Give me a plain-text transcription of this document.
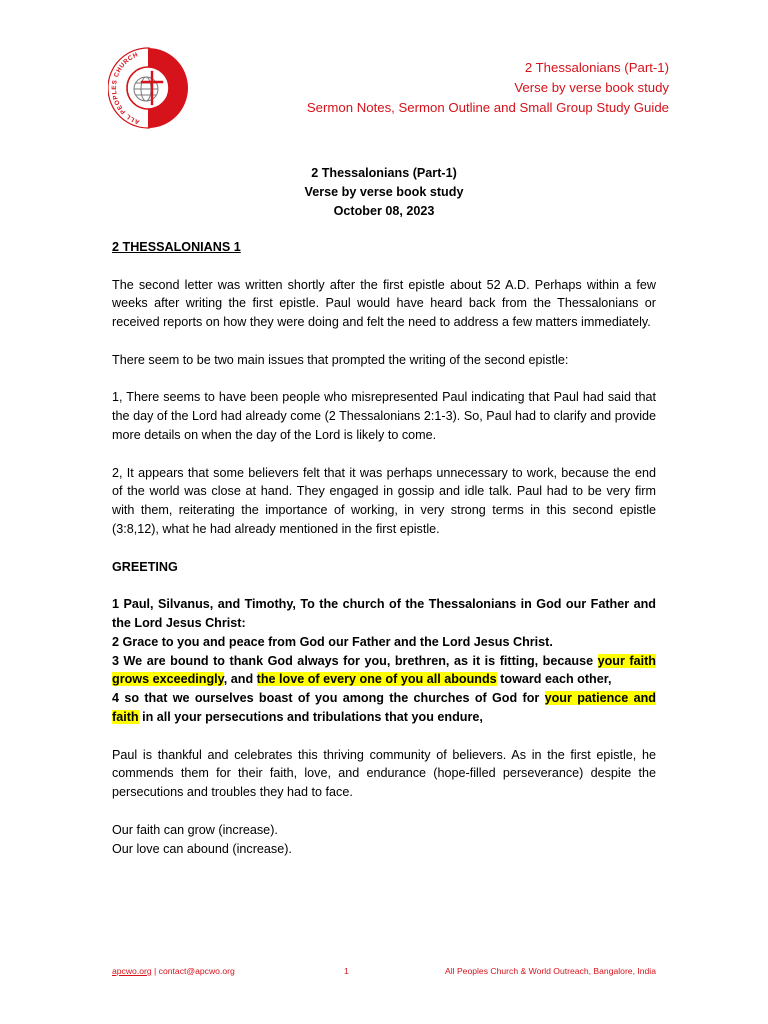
ALL PEOPLES CHURCH
2 Thessalonians (Part-1)
Verse by verse book study
Sermon Notes, Sermon Outline and Small Group Study Guide
2 Thessalonians (Part-1)
Verse by verse book study
October 08, 2023

2 THESSALONIANS 1

The second letter was written shortly after the first epistle about 52 A.D. Perhaps within a few weeks after writing the first epistle. Paul would have heard back from the Thessalonians or received reports on how they were doing and felt the need to address a few matters immediately.

There seem to be two main issues that prompted the writing of the second epistle:

1, There seems to have been people who misrepresented Paul indicating that Paul had said that the day of the Lord had already come (2 Thessalonians 2:1-3). So, Paul had to clarify and provide more details on when the day of the Lord is likely to come.

2, It appears that some believers felt that it was perhaps unnecessary to work, because the end of the world was close at hand. They engaged in gossip and idle talk. Paul had to be very firm with them, reiterating the importance of working, in very strong terms in this second epistle (3:8,12), what he had already mentioned in the first epistle.

GREETING

1 Paul, Silvanus, and Timothy, To the church of the Thessalonians in God our Father and the Lord Jesus Christ:
2 Grace to you and peace from God our Father and the Lord Jesus Christ.
3 We are bound to thank God always for you, brethren, as it is fitting, because your faith grows exceedingly, and the love of every one of you all abounds toward each other,
4 so that we ourselves boast of you among the churches of God for your patience and faith in all your persecutions and tribulations that you endure,

Paul is thankful and celebrates this thriving community of believers. As in the first epistle, he commends them for their faith, love, and endurance (hope-filled perseverance) despite the persecutions and troubles they had to face.

Our faith can grow (increase).
Our love can abound (increase).

apcwo.org | contact@apcwo.org	1	All Peoples Church & World Outreach, Bangalore, India
